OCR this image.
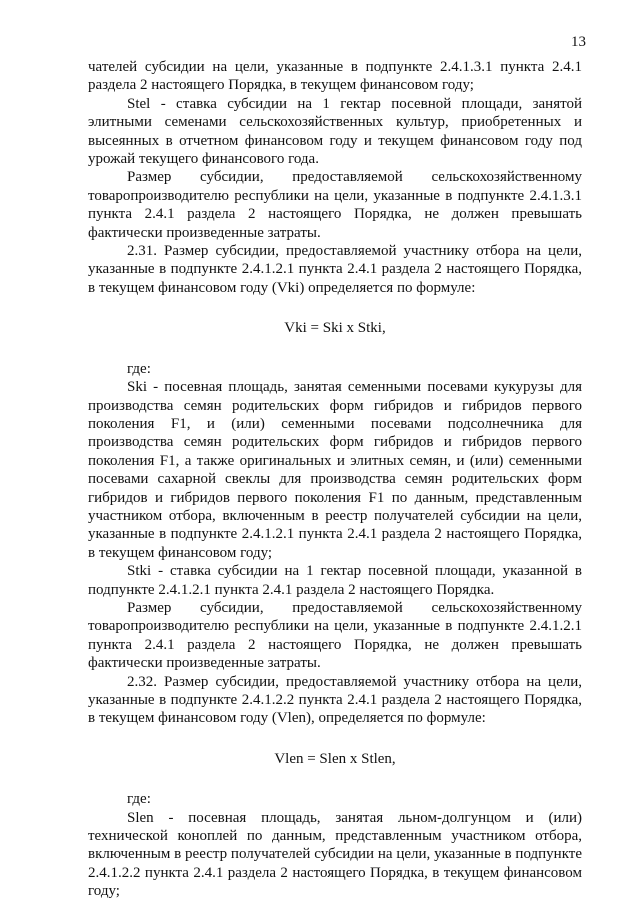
13

чателей субсидии на цели, указанные в подпункте 2.4.1.3.1 пункта 2.4.1 раздела 2 настоящего Порядка, в текущем финансовом году;

Stel - ставка субсидии на 1 гектар посевной площади, занятой элитными семенами сельскохозяйственных культур, приобретенных и высеянных в отчетном финансовом году и текущем финансовом году под урожай текущего финансового года.

Размер субсидии, предоставляемой сельскохозяйственному товаропроизводителю республики на цели, указанные в подпункте 2.4.1.3.1 пункта 2.4.1 раздела 2 настоящего Порядка, не должен превышать фактически произведенные затраты.

2.31. Размер субсидии, предоставляемой участнику отбора на цели, указанные в подпункте 2.4.1.2.1 пункта 2.4.1 раздела 2 настоящего Порядка, в текущем финансовом году (Vki) определяется по формуле:

Vki = Ski x Stki,

где:

Ski - посевная площадь, занятая семенными посевами кукурузы для производства семян родительских форм гибридов и гибридов первого поколения F1, и (или) семенными посевами подсолнечника для производства семян родительских форм гибридов и гибридов первого поколения F1, а также оригинальных и элитных семян, и (или) семенными посевами сахарной свеклы для производства семян родительских форм гибридов и гибридов первого поколения F1 по данным, представленным участником отбора, включенным в реестр получателей субсидии на цели, указанные в подпункте 2.4.1.2.1 пункта 2.4.1 раздела 2 настоящего Порядка, в текущем финансовом году;

Stki - ставка субсидии на 1 гектар посевной площади, указанной в подпункте 2.4.1.2.1 пункта 2.4.1 раздела 2 настоящего Порядка.

Размер субсидии, предоставляемой сельскохозяйственному товаропроизводителю республики на цели, указанные в подпункте 2.4.1.2.1 пункта 2.4.1 раздела 2 настоящего Порядка, не должен превышать фактически произведенные затраты.

2.32. Размер субсидии, предоставляемой участнику отбора на цели, указанные в подпункте 2.4.1.2.2 пункта 2.4.1 раздела 2 настоящего Порядка, в текущем финансовом году (Vlen), определяется по формуле:

Vlen = Slen x Stlen,

где:

Slen - посевная площадь, занятая льном-долгунцом и (или) технической коноплей по данным, представленным участником отбора, включенным в реестр получателей субсидии на цели, указанные в подпункте 2.4.1.2.2 пункта 2.4.1 раздела 2 настоящего Порядка, в текущем финансовом году;
